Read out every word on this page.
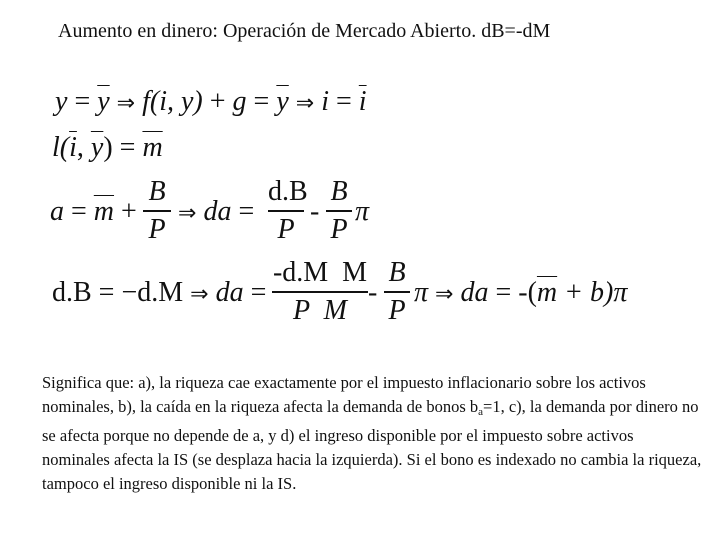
Aumento en dinero: Operación de Mercado Abierto. dB=-dM
$y = \overline{y}$ ⇒ f(i, $y) + g = \overline{y}$ ⇒ $i = \overline{i}$
$l(\overline{i}$, $\overline{y}) = \overline{m}$
$a = \overline{m}$ +
B
P ⇒ da =
d.B
P
-
B
P
π
d.B = −d.M ⇒ da =
-d.M  M
P  M
-
B
P
π ⇒ da = $-(\overline{m} + b)\pi$

Significa que: a), la riqueza cae exactamente por el impuesto inflacionario sobre los activos nominales, b), la caída en la riqueza afecta la demanda de bonos $b_a=1$, c), la demanda por dinero no se afecta porque no depende de a, y d) el ingreso disponible por el impuesto sobre activos nominales afecta la IS (se desplaza hacia la izquierda). Si el bono es indexado no cambia la riqueza, tampoco el ingreso disponible ni la IS.
